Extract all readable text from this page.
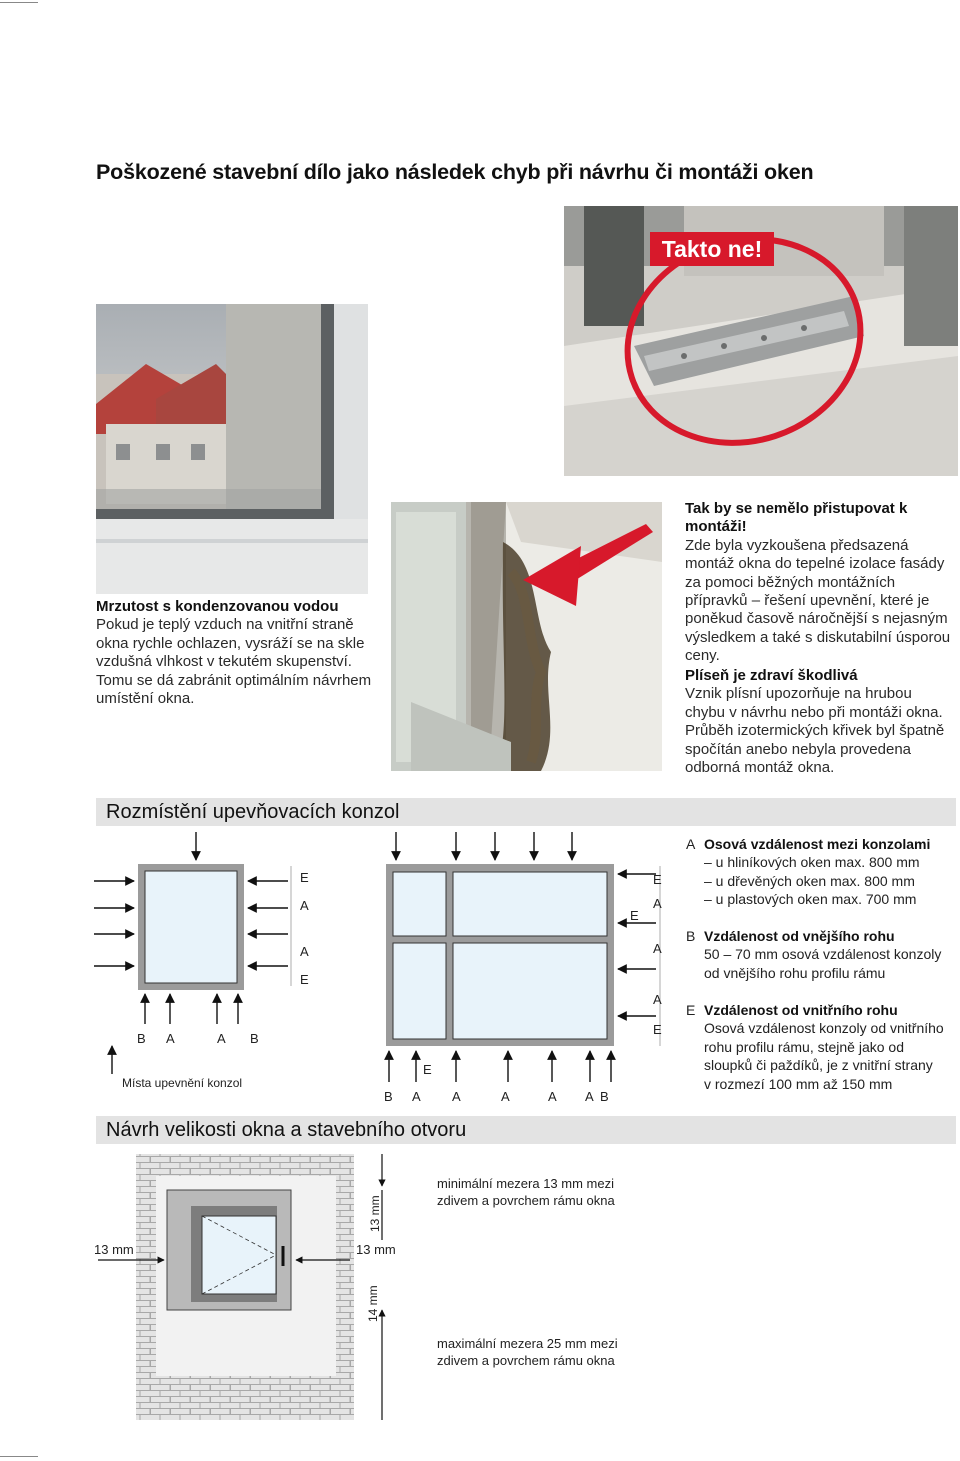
Poškozené stavební dílo jako následek chyb při návrhu či montáži oken
Takto ne!
Mrzutost s kondenzovanou vodou
Pokud je teplý vzduch na vnitřní straně okna rychle ochlazen, vysráží se na skle vzdušná vlhkost v tekutém skupenství. Tomu se dá zabránit optimálním návrhem umístění okna.
Tak by se nemělo přistupovat k montáži!
Zde byla vyzkoušena předsazená montáž okna do tepelné izolace fasády za pomoci běžných montážních přípravků – řešení upevnění, které je poněkud časově náročnější s nejasným výsledkem a také s diskutabilní úsporou ceny.
Plíseň je zdraví škodlivá
Vznik plísní upozorňuje na hrubou chybu v návrhu nebo při montáži okna. Průběh izotermických křivek byl špatně spočítán anebo nebyla provedena odborná montáž okna.
Rozmístění upevňovacích konzol
E
A
A
E
B A	A B
Místa upevnění konzol
E
A
E
A
A
E
E
B A A	A	A A B
A Osová vzdálenost mezi konzolami
– u hliníkových oken max. 800 mm
– u dřevěných oken max. 800 mm
– u plastových oken max. 700 mm
B Vzdálenost od vnějšího rohu
50 – 70 mm osová vzdálenost konzoly
od vnějšího rohu profilu rámu
E Vzdálenost od vnitřního rohu
Osová vzdálenost konzoly od vnitřního
rohu profilu rámu, stejně jako od
sloupků či paždíků, je z vnitřní strany
v rozmezí 100 mm až 150 mm
Návrh velikosti okna a stavebního otvoru
13 mm	13 mm
13 mm
14 mm
minimální mezera 13 mm mezi
zdivem a povrchem rámu okna
maximální mezera 25 mm mezi
zdivem a povrchem rámu okna
